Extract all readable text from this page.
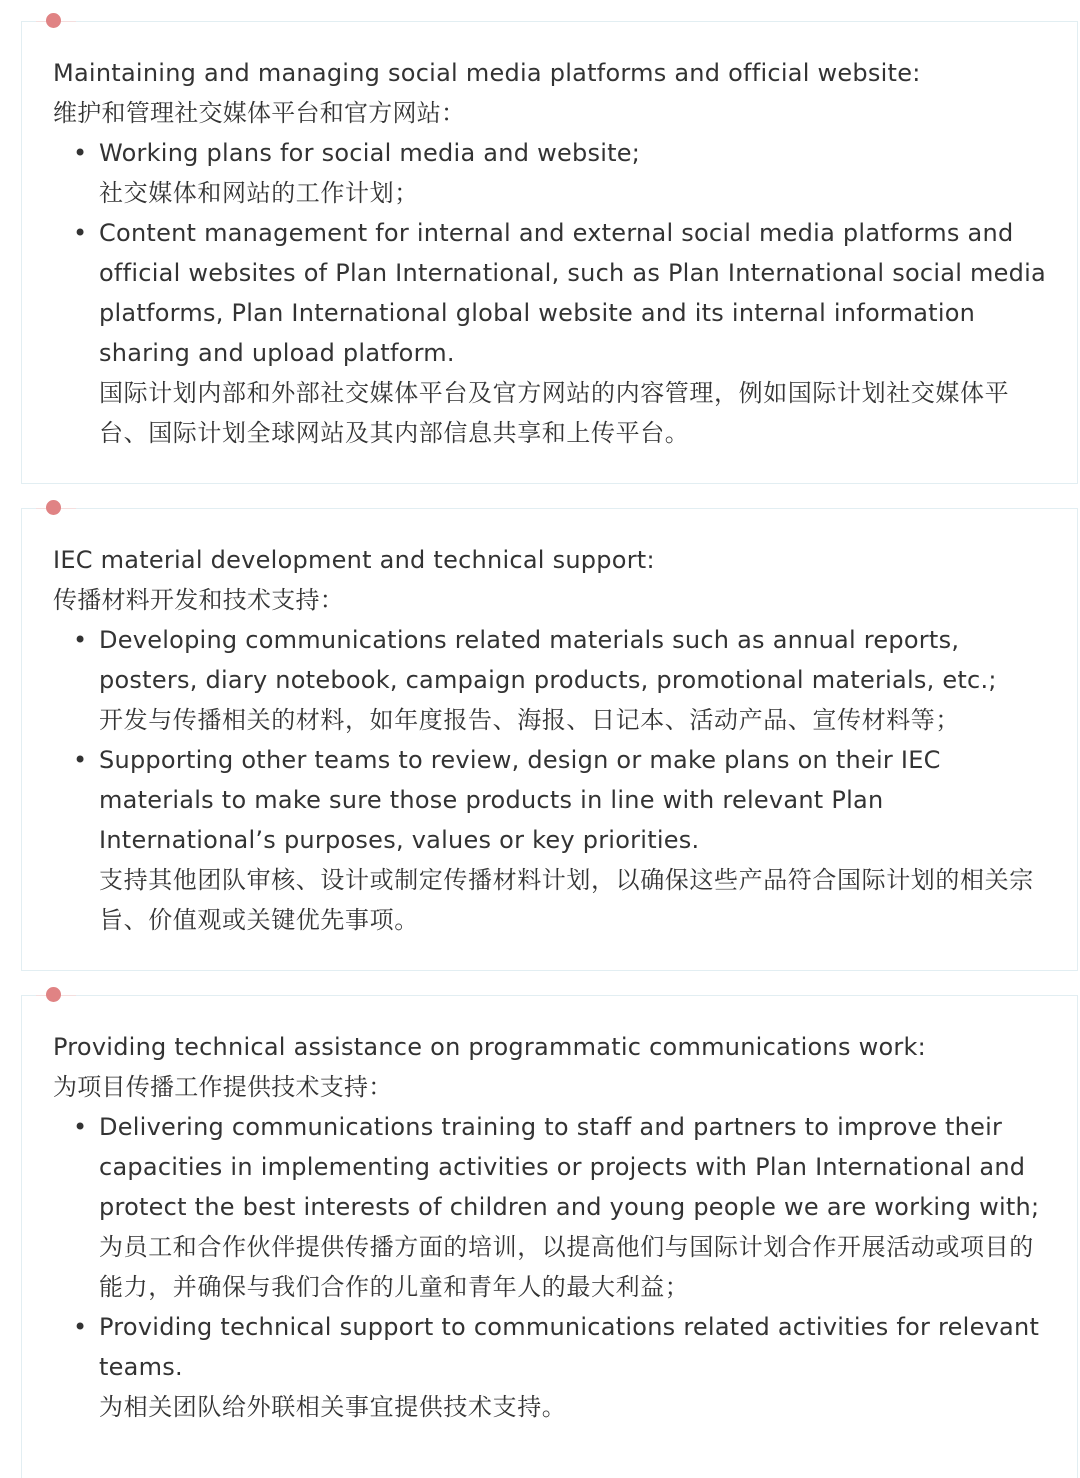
Maintaining and managing social media platforms and official website:

维护和管理社交媒体平台和官方网站：

• Working plans for social media and website;
社交媒体和网站的工作计划；
• Content management for internal and external social media platforms and official websites of Plan International, such as Plan International social media platforms, Plan International global website and its internal information sharing and upload platform.
国际计划内部和外部社交媒体平台及官方网站的内容管理，例如国际计划社交媒体平台、国际计划全球网站及其内部信息共享和上传平台。

IEC material development and technical support:

传播材料开发和技术支持：

• Developing communications related materials such as annual reports, posters, diary notebook, campaign products, promotional materials, etc.;
开发与传播相关的材料，如年度报告、海报、日记本、活动产品、宣传材料等；
• Supporting other teams to review, design or make plans on their IEC materials to make sure those products in line with relevant Plan International’s purposes, values or key priorities.
支持其他团队审核、设计或制定传播材料计划，以确保这些产品符合国际计划的相关宗旨、价值观或关键优先事项。

Providing technical assistance on programmatic communications work:

为项目传播工作提供技术支持：

• Delivering communications training to staff and partners to improve their capacities in implementing activities or projects with Plan International and protect the best interests of children and young people we are working with;
为员工和合作伙伴提供传播方面的培训，以提高他们与国际计划合作开展活动或项目的能力，并确保与我们合作的儿童和青年人的最大利益；
• Providing technical support to communications related activities for relevant teams.
为相关团队给外联相关事宜提供技术支持。
